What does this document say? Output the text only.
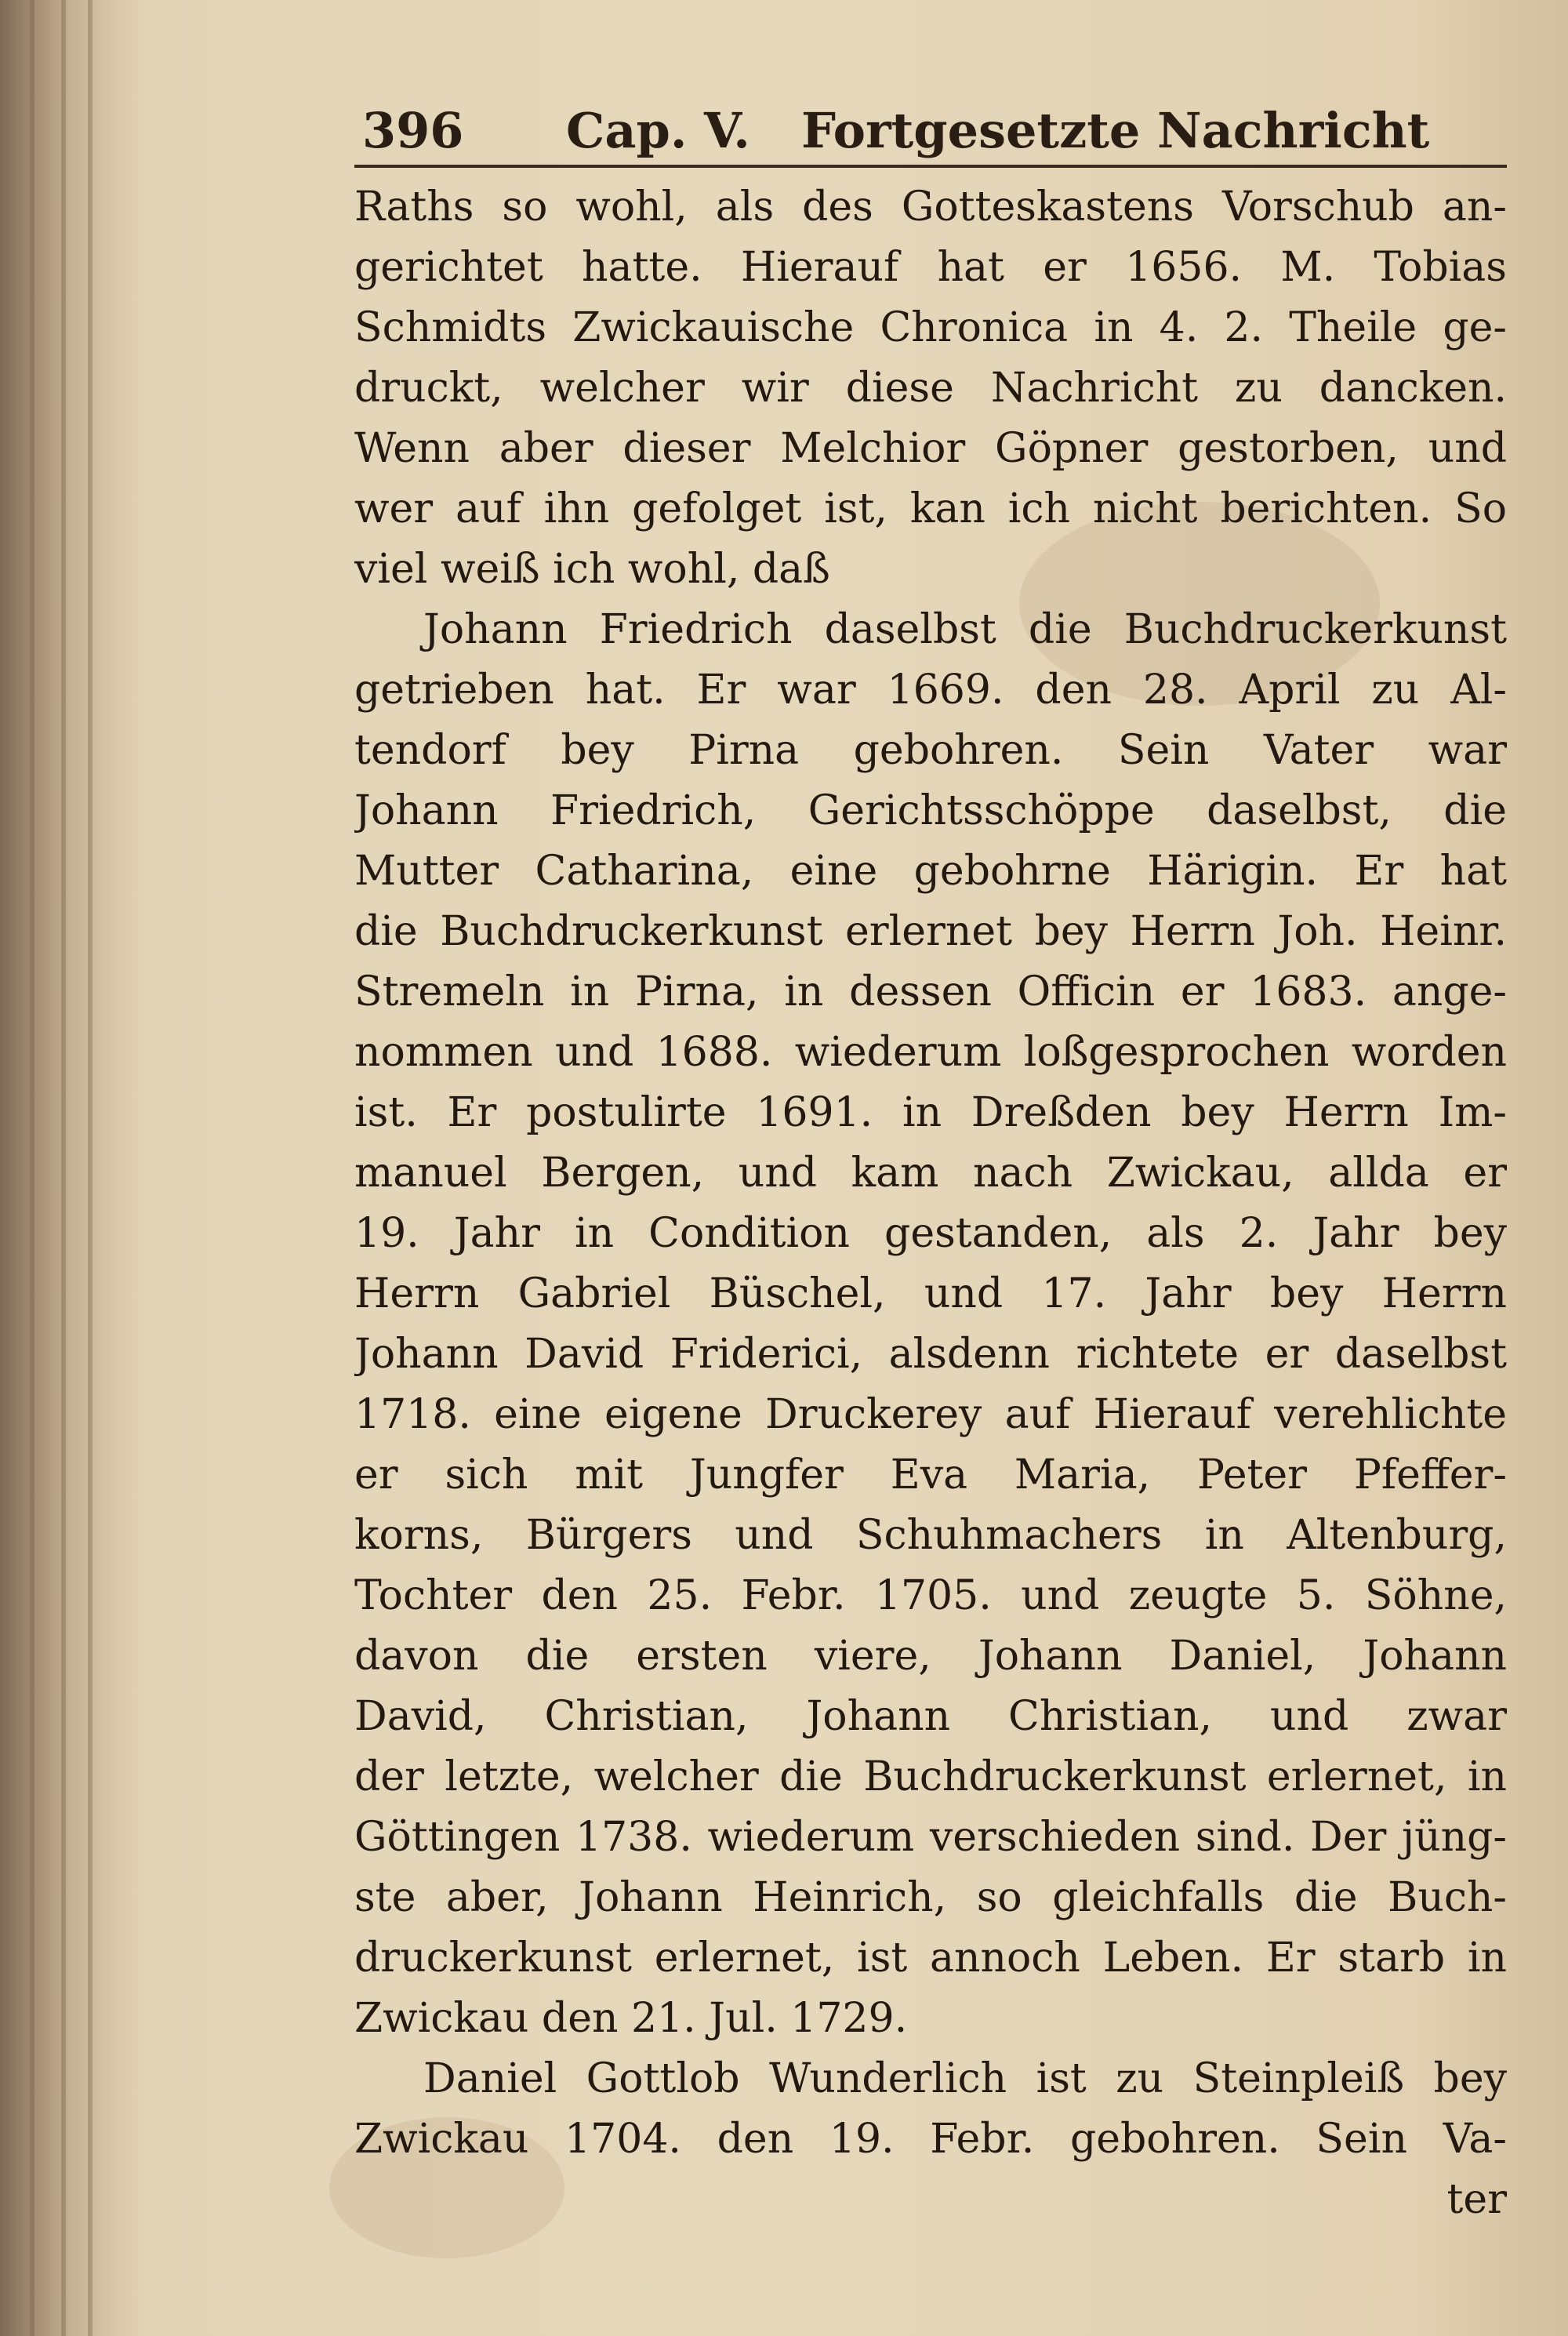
396 Cap. V. Fortgesetzte Nachricht
Raths so wohl, als des Gotteskastens Vorschub an-
gerichtet hatte. Hierauf hat er 1656. M. Tobias
Schmidts Zwickauische Chronica in 4. 2. Theile ge-
druckt, welcher wir diese Nachricht zu dancken.
Wenn aber dieser Melchior Göpner gestorben, und
wer auf ihn gefolget ist, kan ich nicht berichten. So
viel weiß ich wohl, daß
Johann Friedrich daselbst die Buchdruckerkunst
getrieben hat. Er war 1669. den 28. April zu Al-
tendorf bey Pirna gebohren. Sein Vater war
Johann Friedrich, Gerichtsschöppe daselbst, die
Mutter Catharina, eine gebohrne Härigin. Er hat
die Buchdruckerkunst erlernet bey Herrn Joh. Heinr.
Stremeln in Pirna, in dessen Officin er 1683. ange-
nommen und 1688. wiederum loßgesprochen worden
ist. Er postulirte 1691. in Dreßden bey Herrn Im-
manuel Bergen, und kam nach Zwickau, allda er
19. Jahr in Condition gestanden, als 2. Jahr bey
Herrn Gabriel Büschel, und 17. Jahr bey Herrn
Johann David Friderici, alsdenn richtete er daselbst
1718. eine eigene Druckerey auf Hierauf verehlichte
er sich mit Jungfer Eva Maria, Peter Pfeffer-
korns, Bürgers und Schuhmachers in Altenburg,
Tochter den 25. Febr. 1705. und zeugte 5. Söhne,
davon die ersten viere, Johann Daniel, Johann
David, Christian, Johann Christian, und zwar
der letzte, welcher die Buchdruckerkunst erlernet, in
Göttingen 1738. wiederum verschieden sind. Der jüng-
ste aber, Johann Heinrich, so gleichfalls die Buch-
druckerkunst erlernet, ist annoch Leben. Er starb in
Zwickau den 21. Jul. 1729.
Daniel Gottlob Wunderlich ist zu Steinpleiß bey
Zwickau 1704. den 19. Febr. gebohren. Sein Va-
ter
